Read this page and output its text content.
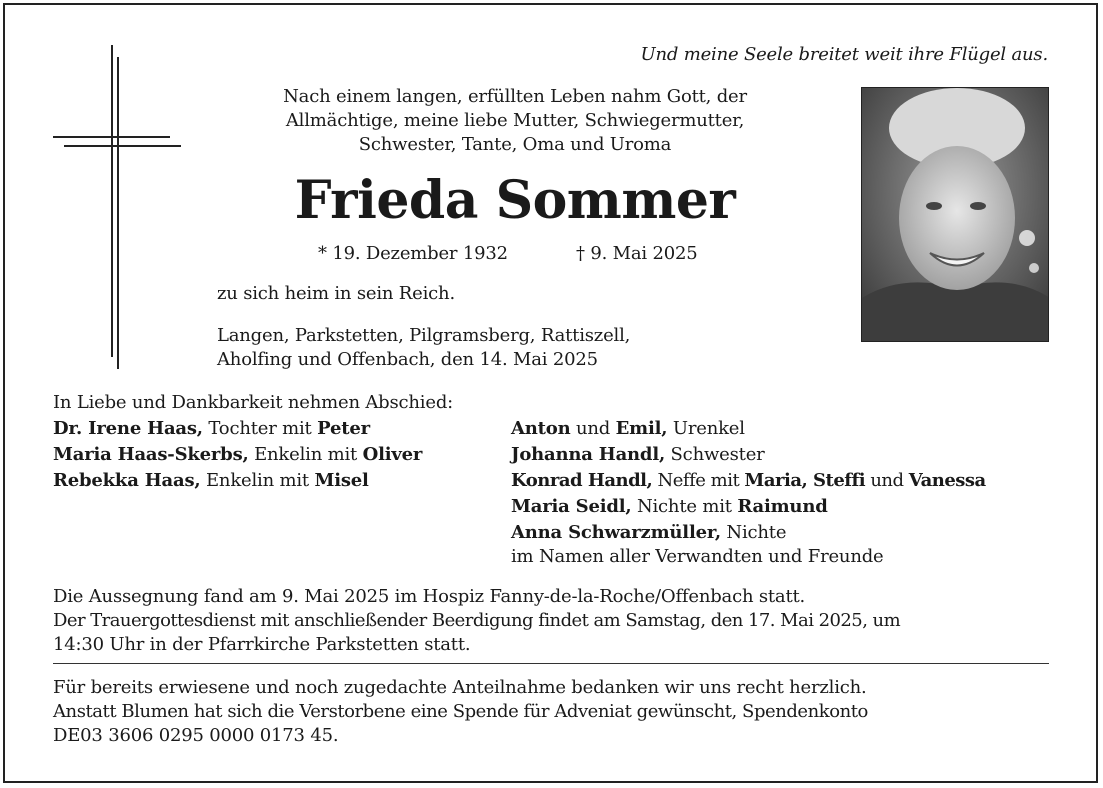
Und meine Seele breitet weit ihre Flügel aus.
Nach einem langen, erfüllten Leben nahm Gott, der
Allmächtige, meine liebe Mutter, Schwiegermutter,
Schwester, Tante, Oma und Uroma
Frieda Sommer
* 19. Dezember 1932	† 9. Mai 2025
zu sich heim in sein Reich.
Langen, Parkstetten, Pilgramsberg, Rattiszell,
Aholfing und Offenbach, den 14. Mai 2025
In Liebe und Dankbarkeit nehmen Abschied:
Dr. Irene Haas, Tochter mit Peter
Maria Haas-Skerbs, Enkelin mit Oliver
Rebekka Haas, Enkelin mit Misel
Anton und Emil, Urenkel
Johanna Handl, Schwester
Konrad Handl, Neffe mit Maria, Steffi und Vanessa
Maria Seidl, Nichte mit Raimund
Anna Schwarzmüller, Nichte
im Namen aller Verwandten und Freunde
Die Aussegnung fand am 9. Mai 2025 im Hospiz Fanny-de-la-Roche/Offenbach statt.
Der Trauergottesdienst mit anschließender Beerdigung findet am Samstag, den 17. Mai 2025, um
14:30 Uhr in der Pfarrkirche Parkstetten statt.
Für bereits erwiesene und noch zugedachte Anteilnahme bedanken wir uns recht herzlich.
Anstatt Blumen hat sich die Verstorbene eine Spende für Adveniat gewünscht, Spendenkonto
DE03 3606 0295 0000 0173 45.
